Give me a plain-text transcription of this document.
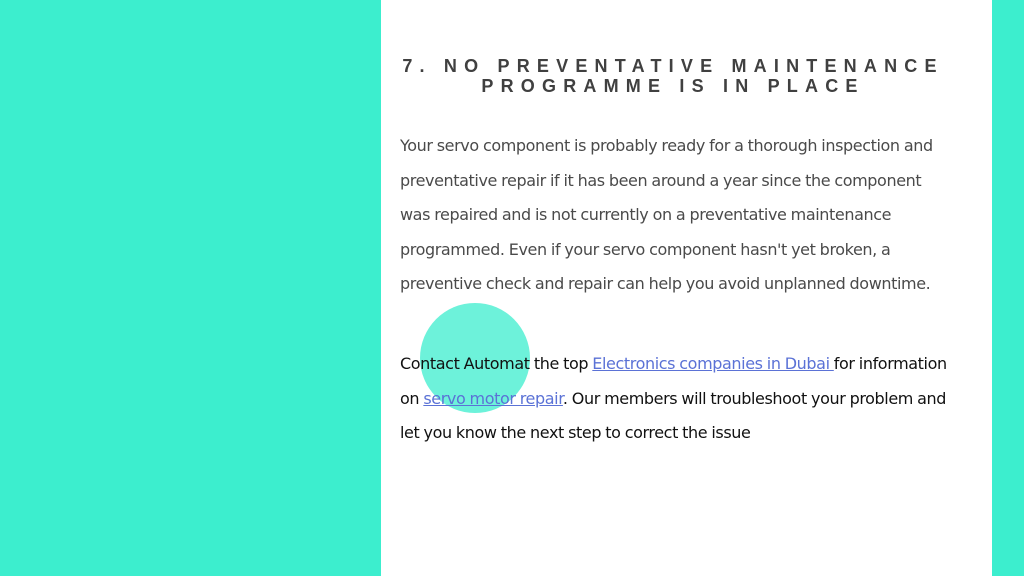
7. NO PREVENTATIVE MAINTENANCE PROGRAMME IS IN PLACE

Your servo component is probably ready for a thorough inspection and preventative repair if it has been around a year since the component was repaired and is not currently on a preventative maintenance programmed. Even if your servo component hasn't yet broken, a preventive check and repair can help you avoid unplanned downtime.

Contact Automat the top Electronics companies in Dubai for information on servo motor repair. Our members will troubleshoot your problem and let you know the next step to correct the issue
